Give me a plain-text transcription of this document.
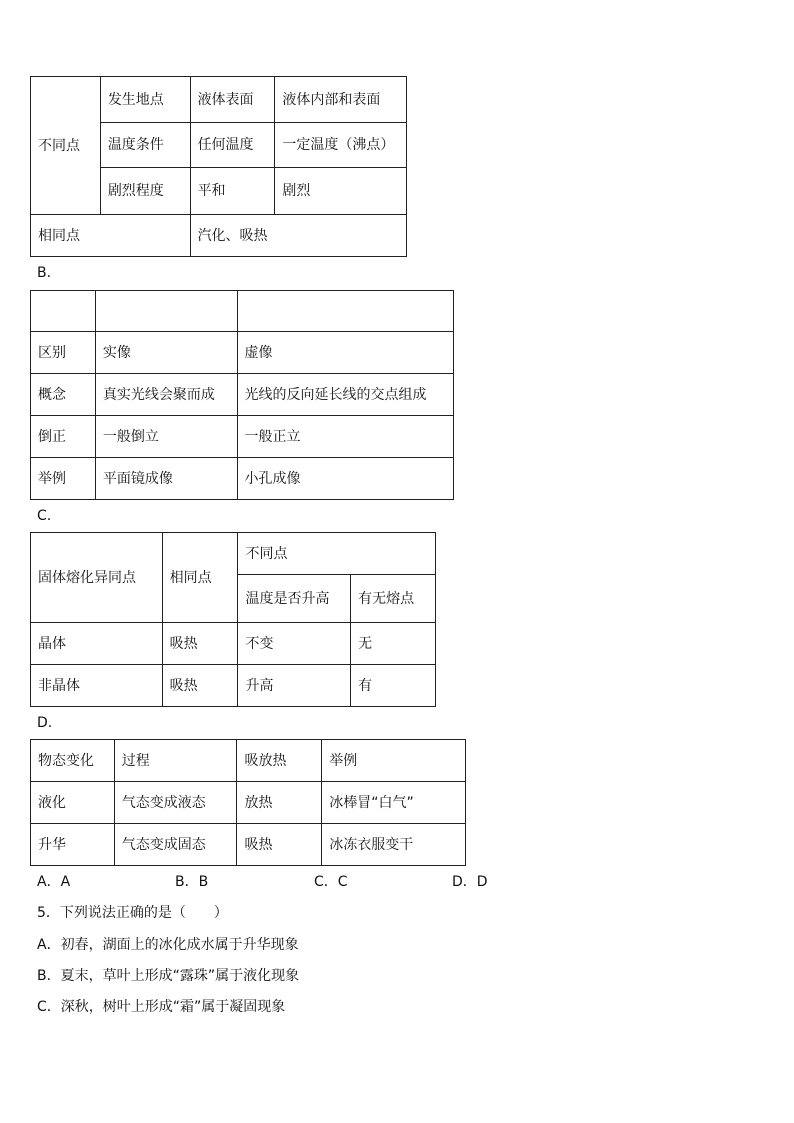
不同点	发生地点	液体表面	液体内部和表面
	温度条件	任何温度	一定温度（沸点）
	剧烈程度	平和	剧烈
相同点		汽化、吸热	
B.

区别	实像	虚像
概念	真实光线会聚而成	光线的反向延长线的交点组成
倒正	一般倒立	一般正立
举例	平面镜成像	小孔成像
C.
固体熔化异同点	相同点	不同点	
		温度是否升高	有无熔点
晶体	吸热	不变	无
非晶体	吸热	升高	有
D.
物态变化	过程	吸放热	举例
液化	气态变成液态	放热	冰棒冒“白气”
升华	气态变成固态	吸热	冰冻衣服变干
A．A	B．B	C．C	D．D
5．下列说法正确的是（　　）
A．初春，湖面上的冰化成水属于升华现象
B．夏末，草叶上形成“露珠”属于液化现象
C．深秋，树叶上形成“霜”属于凝固现象
